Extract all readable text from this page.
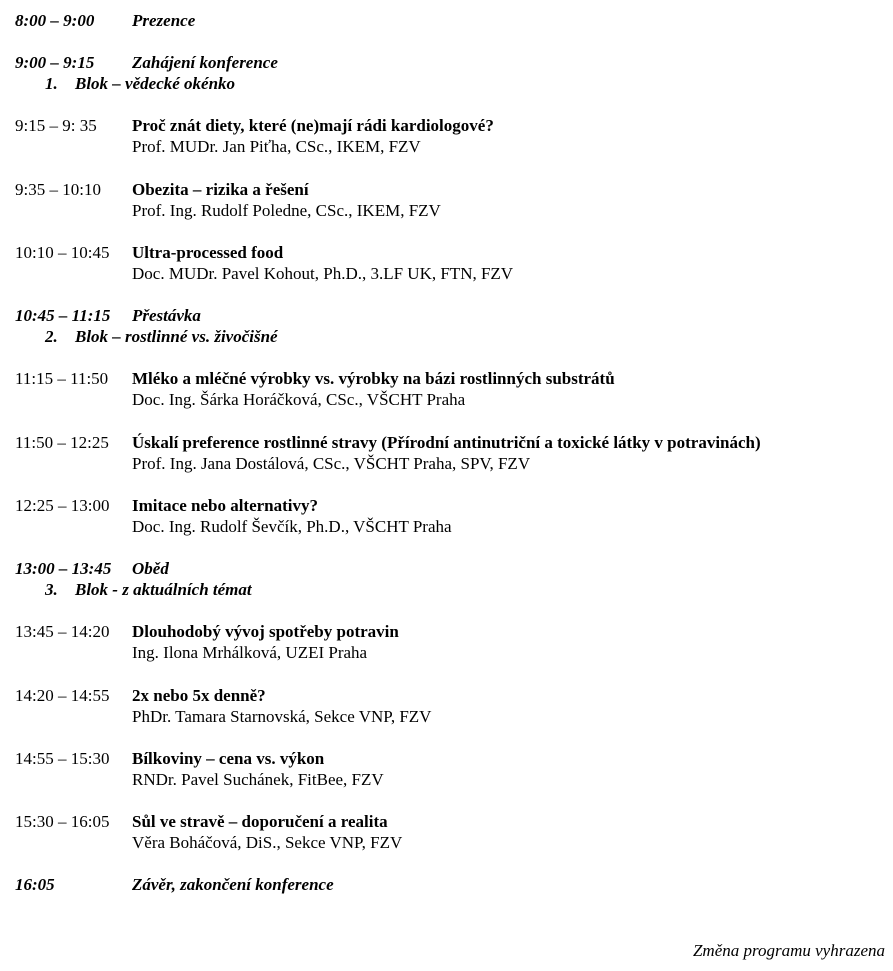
8:00 – 9:00 Prezence
9:00 – 9:15 Zahájení konference
1. Blok – vědecké okénko
9:15 – 9: 35 Proč znát diety, které (ne)mají rádi kardiologové?
Prof. MUDr. Jan Piťha, CSc., IKEM, FZV
9:35 – 10:10 Obezita – rizika a řešení
Prof. Ing. Rudolf Poledne, CSc., IKEM, FZV
10:10 – 10:45 Ultra-processed food
Doc. MUDr. Pavel Kohout, Ph.D., 3.LF UK, FTN, FZV
10:45 – 11:15 Přestávka
2. Blok – rostlinné vs. živočišné
11:15 – 11:50 Mléko a mléčné výrobky vs. výrobky na bázi rostlinných substrátů
Doc. Ing. Šárka Horáčková, CSc., VŠCHT Praha
11:50 – 12:25 Úskalí preference rostlinné stravy (Přírodní antinutriční a toxické látky v potravinách)
Prof. Ing. Jana Dostálová, CSc., VŠCHT Praha, SPV, FZV
12:25 – 13:00 Imitace nebo alternativy?
Doc. Ing. Rudolf Ševčík, Ph.D., VŠCHT Praha
13:00 – 13:45 Oběd
3. Blok - z aktuálních témat
13:45 – 14:20 Dlouhodobý vývoj spotřeby potravin
Ing. Ilona Mrhálková, UZEI Praha
14:20 – 14:55 2x nebo 5x denně?
PhDr. Tamara Starnovská, Sekce VNP, FZV
14:55 – 15:30 Bílkoviny – cena vs. výkon
RNDr. Pavel Suchánek, FitBee, FZV
15:30 – 16:05 Sůl ve stravě – doporučení a realita
Věra Boháčová, DiS., Sekce VNP, FZV
16:05	Závěr, zakončení konference
Změna programu vyhrazena
